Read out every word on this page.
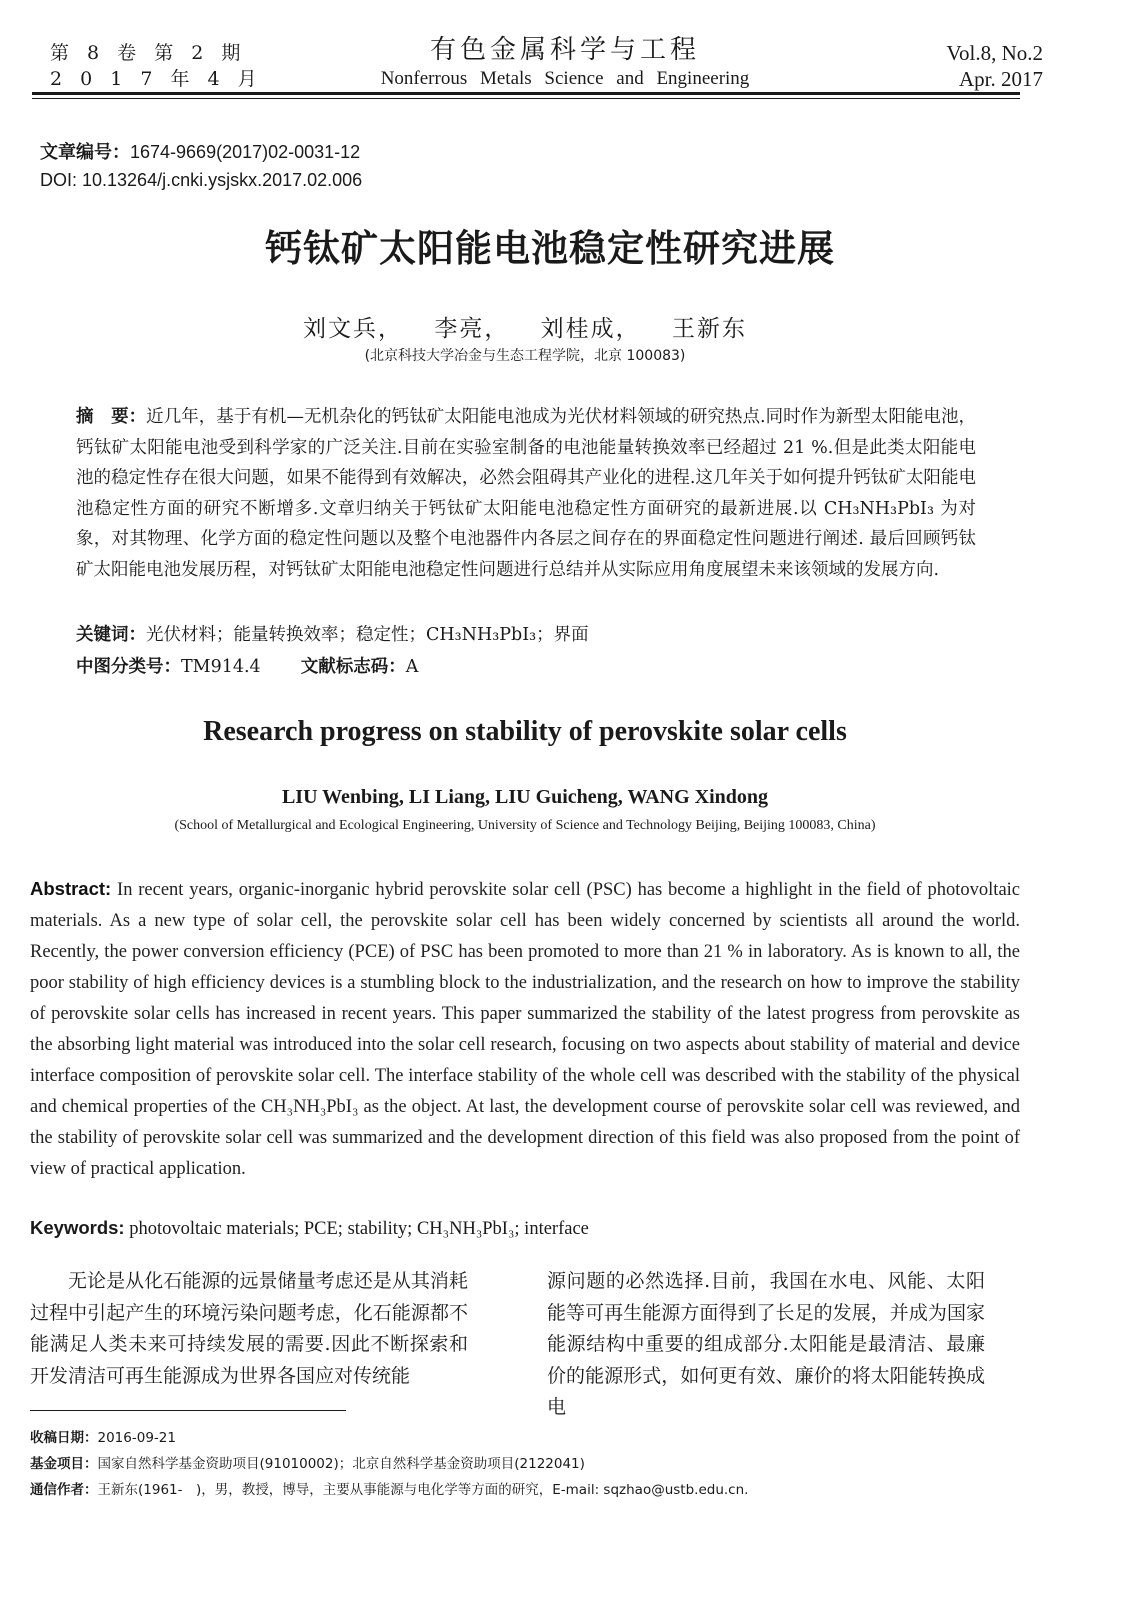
第 8 卷 第 2 期
2 0 1 7 年 4 月
有色金属科学与工程
Nonferrous Metals Science and Engineering
Vol.8, No.2
Apr. 2017
文章编号：1674-9669(2017)02-0031-12
DOI: 10.13264/j.cnki.ysjskx.2017.02.006
钙钛矿太阳能电池稳定性研究进展
刘文兵， 李亮， 刘桂成， 王新东
(北京科技大学冶金与生态工程学院，北京 100083)
摘　要：近几年，基于有机—无机杂化的钙钛矿太阳能电池成为光伏材料领域的研究热点.同时作为新型太阳能电池，钙钛矿太阳能电池受到科学家的广泛关注.目前在实验室制备的电池能量转换效率已经超过 21 %.但是此类太阳能电池的稳定性存在很大问题，如果不能得到有效解决，必然会阻碍其产业化的进程.这几年关于如何提升钙钛矿太阳能电池稳定性方面的研究不断增多.文章归纳关于钙钛矿太阳能电池稳定性方面研究的最新进展.以 CH₃NH₃PbI₃ 为对象，对其物理、化学方面的稳定性问题以及整个电池器件内各层之间存在的界面稳定性问题进行阐述. 最后回顾钙钛矿太阳能电池发展历程，对钙钛矿太阳能电池稳定性问题进行总结并从实际应用角度展望未来该领域的发展方向.
关键词：光伏材料；能量转换效率；稳定性；CH₃NH₃PbI₃；界面
中图分类号：TM914.4 文献标志码：A
Research progress on stability of perovskite solar cells
LIU Wenbing, LI Liang, LIU Guicheng, WANG Xindong
(School of Metallurgical and Ecological Engineering, University of Science and Technology Beijing, Beijing 100083, China)
Abstract: In recent years, organic-inorganic hybrid perovskite solar cell (PSC) has become a highlight in the field of photovoltaic materials. As a new type of solar cell, the perovskite solar cell has been widely concerned by scientists all around the world. Recently, the power conversion efficiency (PCE) of PSC has been promoted to more than 21 % in laboratory. As is known to all, the poor stability of high efficiency devices is a stumbling block to the industrialization, and the research on how to improve the stability of perovskite solar cells has increased in recent years. This paper summarized the stability of the latest progress from perovskite as the absorbing light material was introduced into the solar cell research, focusing on two aspects about stability of material and device interface composition of perovskite solar cell. The interface stability of the whole cell was described with the stability of the physical and chemical properties of the CH₃NH₃PbI₃ as the object. At last, the development course of perovskite solar cell was reviewed, and the stability of perovskite solar cell was summarized and the development direction of this field was also proposed from the point of view of practical application.
Keywords: photovoltaic materials; PCE; stability; CH₃NH₃PbI₃; interface
无论是从化石能源的远景储量考虑还是从其消耗过程中引起产生的环境污染问题考虑，化石能源都不能满足人类未来可持续发展的需要.因此不断探索和开发清洁可再生能源成为世界各国应对传统能
源问题的必然选择.目前，我国在水电、风能、太阳能等可再生能源方面得到了长足的发展，并成为国家能源结构中重要的组成部分.太阳能是最清洁、最廉价的能源形式，如何更有效、廉价的将太阳能转换成电
收稿日期：2016-09-21
基金项目：国家自然科学基金资助项目(91010002)；北京自然科学基金资助项目(2122041)
通信作者：王新东(1961-　)，男，教授，博导，主要从事能源与电化学等方面的研究，E-mail: sqzhao@ustb.edu.cn.
